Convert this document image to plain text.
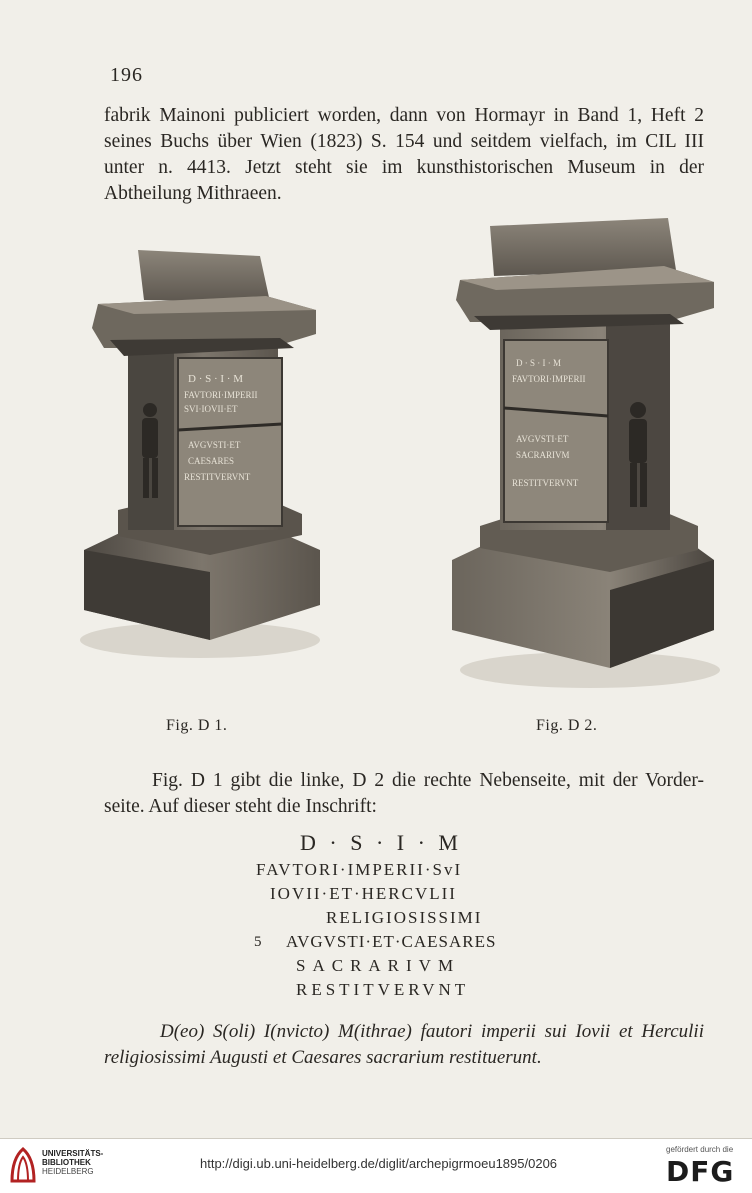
196

fabrik Mainoni publiciert worden, dann von Hormayr in Band 1, Heft 2
seines Buchs über Wien (1823) S. 154 und seitdem vielfach, im CIL III
unter n. 4413. Jetzt steht sie im kunsthistorischen Museum in der
Abtheilung Mithraeen.

D · S · I · M
FAVTORI·IMPERII
SVI·IOVII·ET
AVGVSTI·ET
CAESARES
RESTITVERVNT
D · S · I · M
FAVTORI·IMPERII
AVGVSTI·ET
SACRARIVM
RESTITVERVNT
Fig. D 1.	Fig. D 2.

Fig. D 1 gibt die linke, D 2 die rechte Nebenseite, mit der Vorder-
seite. Auf dieser steht die Inschrift:

D · S · I · M
FAVTORI·IMPERII·SvI
IOVII·ET·HERCVLII
RELIGIOSISSIMI
5 AVGVSTI·ET·CAESARES
SACRARIVM
RESTITVERVNT
D(eo) S(oli) I(nvicto) M(ithrae) fautori imperii sui Iovii et Herculii
religiosissimi Augusti et Caesares sacrarium restituerunt.
UNIVERSITÄTS-
BIBLIOTHEK
HEIDELBERG
http://digi.ub.uni-heidelberg.de/diglit/archepigrmoeu1895/0206
gefördert durch die
DFG
